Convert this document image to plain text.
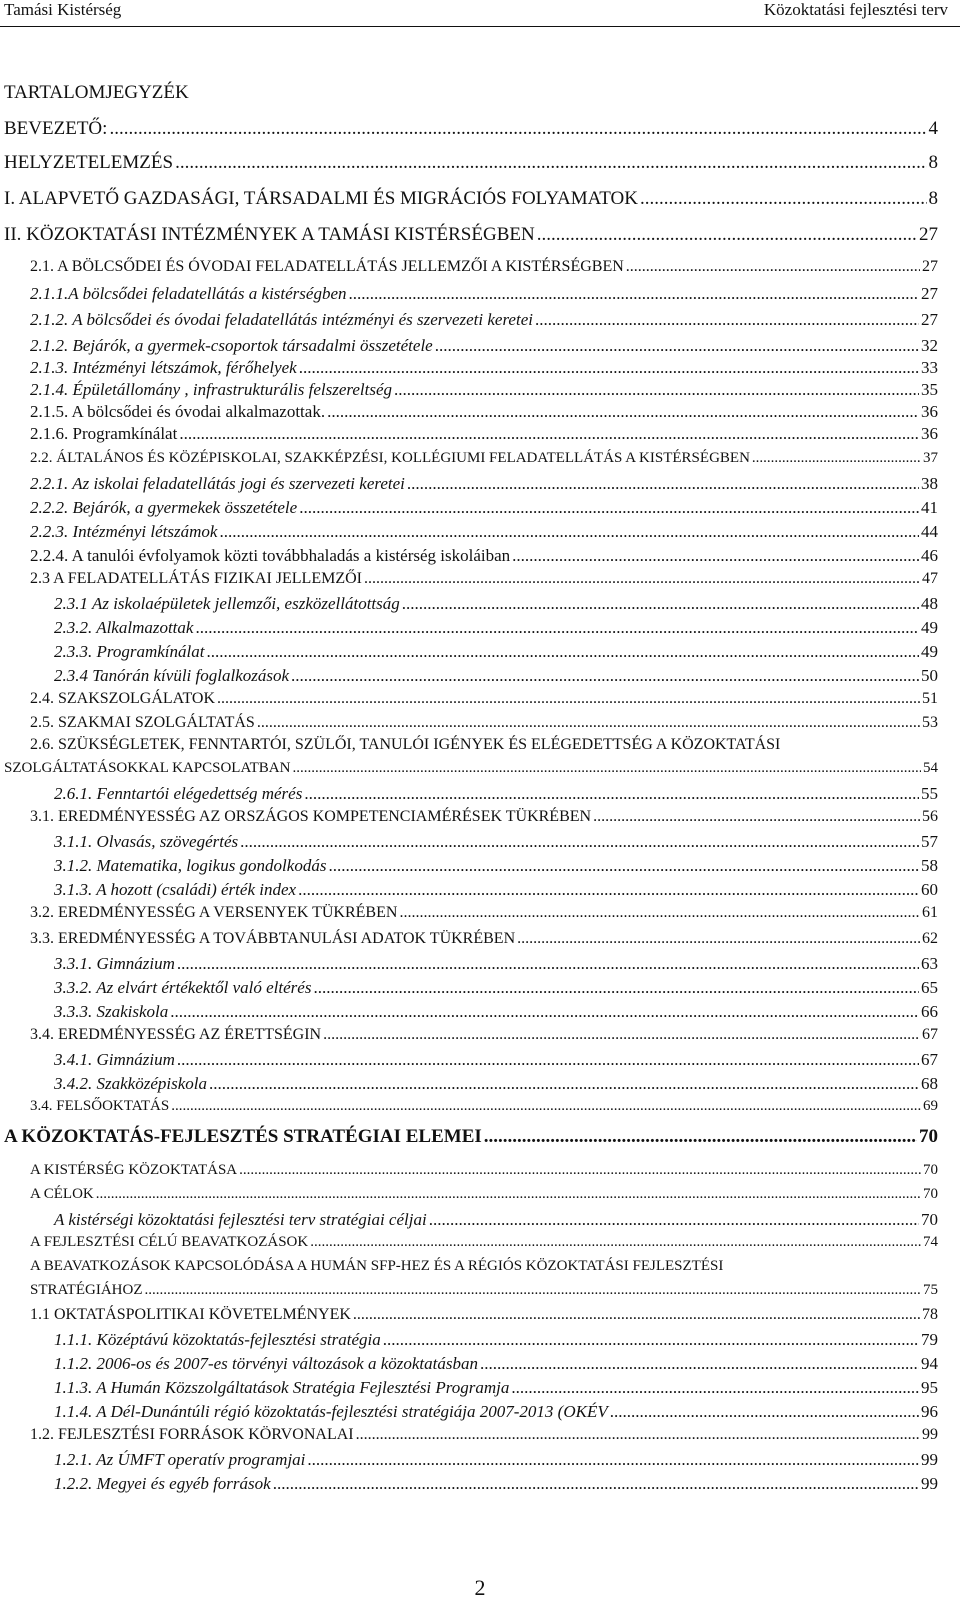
Tamási Kistérség	Közoktatási fejlesztési terv
TARTALOMJEGYZÉK
BEVEZETŐ: .....	4
HELYZETELEMZÉS .....	8
I. ALAPVETŐ GAZDASÁGI, TÁRSADALMI ÉS MIGRÁCIÓS FOLYAMATOK .....	8
II. KÖZOKTATÁSI INTÉZMÉNYEK A TAMÁSI KISTÉRSÉGBEN .....	27
2.1. A BÖLCSŐDEI ÉS ÓVODAI FELADATELLÁTÁS JELLEMZŐI A KISTÉRSÉGBEN .....	27
2.1.1.A bölcsődei feladatellátás a kistérségben .....	27
2.1.2. A bölcsődei és óvodai feladatellátás intézményi és szervezeti keretei .....	27
2.1.2. Bejárók, a gyermek-csoportok társadalmi összetétele .....	32
2.1.3. Intézményi létszámok, férőhelyek .....	33
2.1.4. Épületállomány , infrastrukturális felszereltség .....	35
2.1.5. A bölcsődei és óvodai alkalmazottak. .....	36
2.1.6. Programkínálat .....	36
2.2. ÁLTALÁNOS ÉS KÖZÉPISKOLAI, SZAKKÉPZÉSI, KOLLÉGIUMI FELADATELLÁTÁS A KISTÉRSÉGBEN .....	37
2.2.1. Az iskolai feladatellátás jogi és szervezeti keretei .....	38
2.2.2. Bejárók, a gyermekek összetétele .....	41
2.2.3. Intézményi létszámok .....	44
2.2.4. A tanulói évfolyamok közti továbbhaladás a kistérség iskoláiban .....	46
2.3 A FELADATELLÁTÁS FIZIKAI JELLEMZŐI .....	47
2.3.1 Az iskolaépületek jellemzői, eszközellátottság .....	48
2.3.2. Alkalmazottak .....	49
2.3.3. Programkínálat .....	49
2.3.4 Tanórán kívüli foglalkozások .....	50
2.4. SZAKSZOLGÁLATOK .....	51
2.5. SZAKMAI SZOLGÁLTATÁS .....	53
2.6. SZÜKSÉGLETEK, FENNTARTÓI, SZÜLŐI, TANULÓI IGÉNYEK ÉS ELÉGEDETTSÉG A KÖZOKTATÁSI
SZOLGÁLTATÁSOKKAL KAPCSOLATBAN .....	54
2.6.1. Fenntartói elégedettség mérés .....	55
3.1. EREDMÉNYESSÉG AZ ORSZÁGOS KOMPETENCIAMÉRÉSEK TÜKRÉBEN .....	56
3.1.1. Olvasás, szövegértés .....	57
3.1.2. Matematika, logikus gondolkodás .....	58
3.1.3. A hozott (családi) érték index .....	60
3.2. EREDMÉNYESSÉG A VERSENYEK TÜKRÉBEN .....	61
3.3. EREDMÉNYESSÉG A TOVÁBBTANULÁSI ADATOK TÜKRÉBEN .....	62
3.3.1. Gimnázium .....	63
3.3.2. Az elvárt értékektől való eltérés .....	65
3.3.3. Szakiskola .....	66
3.4. EREDMÉNYESSÉG AZ ÉRETTSÉGIN .....	67
3.4.1. Gimnázium .....	67
3.4.2. Szakközépiskola .....	68
3.4. FELSŐOKTATÁS .....	69
A KÖZOKTATÁS-FEJLESZTÉS STRATÉGIAI ELEMEI .....	70
A KISTÉRSÉG KÖZOKTATÁSA .....	70
A CÉLOK .....	70
A kistérségi közoktatási fejlesztési terv stratégiai céljai .....	70
A FEJLESZTÉSI CÉLÚ BEAVATKOZÁSOK .....	74
A BEAVATKOZÁSOK KAPCSOLÓDÁSA A HUMÁN SFP-HEZ ÉS A RÉGIÓS KÖZOKTATÁSI FEJLESZTÉSI
STRATÉGIÁHOZ .....	75
1.1 OKTATÁSPOLITIKAI KÖVETELMÉNYEK .....	78
1.1.1. Középtávú közoktatás-fejlesztési stratégia .....	79
1.1.2. 2006-os és 2007-es törvényi változások a közoktatásban .....	94
1.1.3. A Humán Közszolgáltatások Stratégia Fejlesztési Programja .....	95
1.1.4. A Dél-Dunántúli régió közoktatás-fejlesztési stratégiája 2007-2013 (OKÉV .....	96
1.2. FEJLESZTÉSI FORRÁSOK KÖRVONALAI .....	99
1.2.1. Az ÚMFT operatív programjai .....	99
1.2.2. Megyei és egyéb források .....	99
2
